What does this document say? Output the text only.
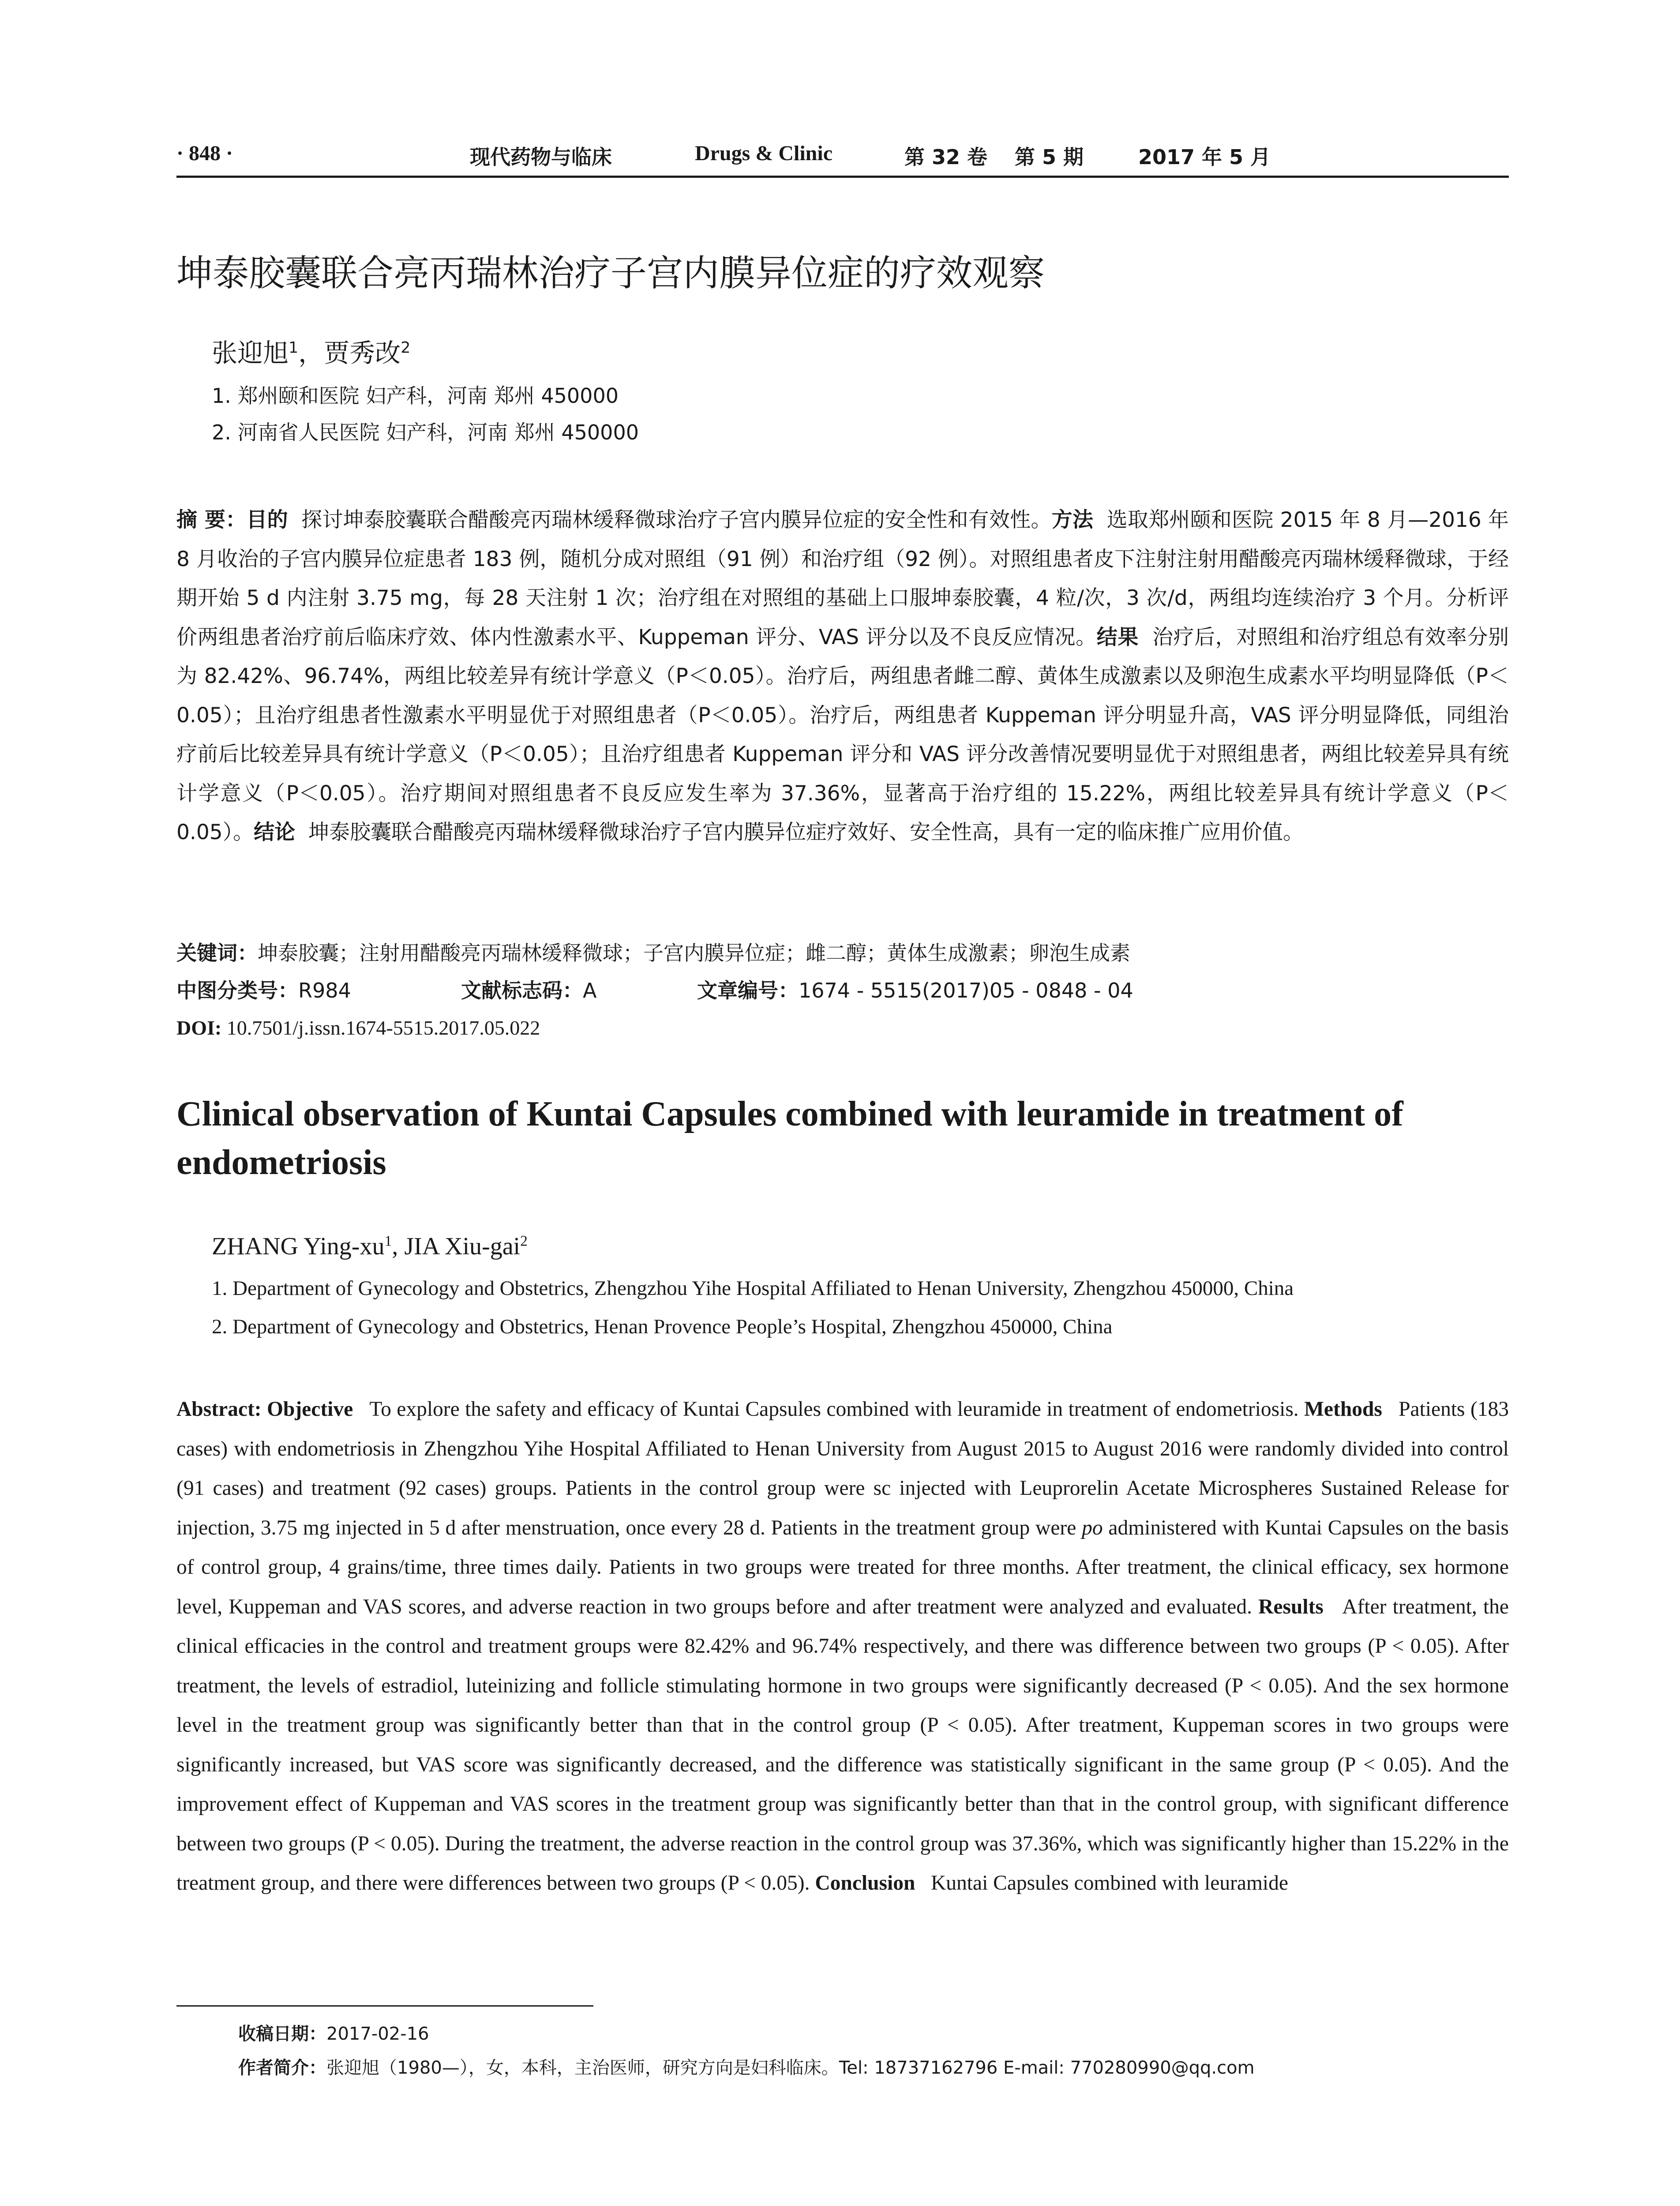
· 848 ·	现代药物与临床	Drugs & Clinic	第 32 卷 第 5 期	2017 年 5 月
坤泰胶囊联合亮丙瑞林治疗子宫内膜异位症的疗效观察
张迎旭$^1$，贾秀改$^2$
1. 郑州颐和医院 妇产科，河南 郑州 450000
2. 河南省人民医院 妇产科，河南 郑州 450000
摘 要：目的 探讨坤泰胶囊联合醋酸亮丙瑞林缓释微球治疗子宫内膜异位症的安全性和有效性。方法 选取郑州颐和医院 2015 年 8 月—2016 年 8 月收治的子宫内膜异位症患者 183 例，随机分成对照组（91 例）和治疗组（92 例）。对照组患者皮下注射注射用醋酸亮丙瑞林缓释微球，于经期开始 5 d 内注射 3.75 mg，每 28 天注射 1 次；治疗组在对照组的基础上口服坤泰胶囊，4 粒/次，3 次/d，两组均连续治疗 3 个月。分析评价两组患者治疗前后临床疗效、体内性激素水平、Kuppeman 评分、VAS 评分以及不良反应情况。结果 治疗后，对照组和治疗组总有效率分别为 82.42%、96.74%，两组比较差异有统计学意义（P＜0.05）。治疗后，两组患者雌二醇、黄体生成激素以及卵泡生成素水平均明显降低（P＜0.05）；且治疗组患者性激素水平明显优于对照组患者（P＜0.05）。治疗后，两组患者 Kuppeman 评分明显升高，VAS 评分明显降低，同组治疗前后比较差异具有统计学意义（P＜0.05）；且治疗组患者 Kuppeman 评分和 VAS 评分改善情况要明显优于对照组患者，两组比较差异具有统计学意义（P＜0.05）。治疗期间对照组患者不良反应发生率为 37.36%，显著高于治疗组的 15.22%，两组比较差异具有统计学意义（P＜0.05）。结论 坤泰胶囊联合醋酸亮丙瑞林缓释微球治疗子宫内膜异位症疗效好、安全性高，具有一定的临床推广应用价值。
关键词：坤泰胶囊；注射用醋酸亮丙瑞林缓释微球；子宫内膜异位症；雌二醇；黄体生成激素；卵泡生成素
中图分类号：R984	文献标志码：A	文章编号：1674 - 5515(2017)05 - 0848 - 04
DOI: 10.7501/j.issn.1674-5515.2017.05.022
Clinical observation of Kuntai Capsules combined with leuramide in treatment of
endometriosis
ZHANG Ying-$xu^1$, JIA Xiu-gai$^2$
1. Department of Gynecology and Obstetrics, Zhengzhou Yihe Hospital Affiliated to Henan University, Zhengzhou 450000, China
2. Department of Gynecology and Obstetrics, Henan Provence People’s Hospital, Zhengzhou 450000, China
Abstract: Objective To explore the safety and efficacy of Kuntai Capsules combined with leuramide in treatment of endometriosis. Methods Patients (183 cases) with endometriosis in Zhengzhou Yihe Hospital Affiliated to Henan University from August 2015 to August 2016 were randomly divided into control (91 cases) and treatment (92 cases) groups. Patients in the control group were sc injected with Leuprorelin Acetate Microspheres Sustained Release for injection, 3.75 mg injected in 5 d after menstruation, once every 28 d. Patients in the treatment group were po administered with Kuntai Capsules on the basis of control group, 4 grains/time, three times daily. Patients in two groups were treated for three months. After treatment, the clinical efficacy, sex hormone level, Kuppeman and VAS scores, and adverse reaction in two groups before and after treatment were analyzed and evaluated. Results After treatment, the clinical efficacies in the control and treatment groups were 82.42% and 96.74% respectively, and there was difference between two groups (P < 0.05). After treatment, the levels of estradiol, luteinizing and follicle stimulating hormone in two groups were significantly decreased (P < 0.05). And the sex hormone level in the treatment group was significantly better than that in the control group (P < 0.05). After treatment, Kuppeman scores in two groups were significantly increased, but VAS score was significantly decreased, and the difference was statistically significant in the same group (P < 0.05). And the improvement effect of Kuppeman and VAS scores in the treatment group was significantly better than that in the control group, with significant difference between two groups (P < 0.05). During the treatment, the adverse reaction in the control group was 37.36%, which was significantly higher than 15.22% in the treatment group, and there were differences between two groups (P < 0.05). Conclusion Kuntai Capsules combined with leuramide
收稿日期：2017-02-16
作者简介：张迎旭（1980—），女，本科，主治医师，研究方向是妇科临床。Tel: 18737162796 E-mail: 770280990@qq.com
